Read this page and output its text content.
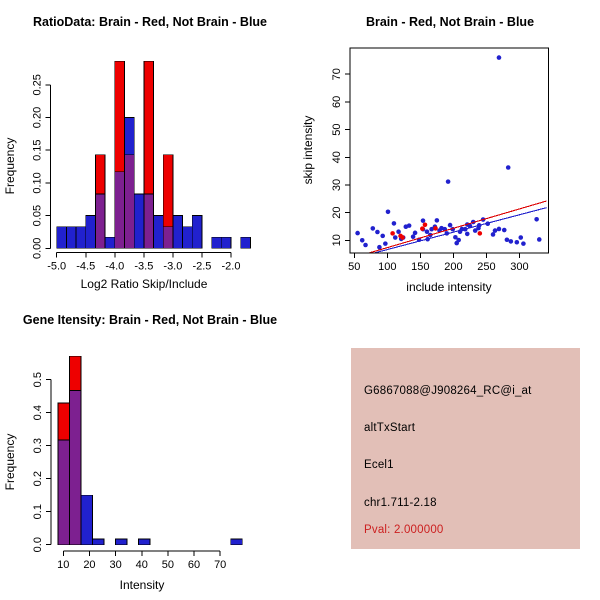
-5.0 -4.5 -4.0 -3.5 -3.0 -2.5 -2.0
0.00
0.05
0.10
0.15
0.20
0.25
RatioData: Brain - Red, Not Brain - Blue
Log2 Ratio Skip/Include
Frequency
50 100 150 200 250 300
10
20
30
40
50
60
70
Brain - Red, Not Brain - Blue
include intensity
skip intensity
10 20 30 40 50 60 70
0.0
0.1
0.2
0.3
0.4
0.5
Gene Itensity: Brain - Red, Not Brain - Blue
Intensity
Frequency
G6867088@J908264_RC@i_at
altTxStart
Ecel1
chr1.711-2.18
Pval: 2.000000
